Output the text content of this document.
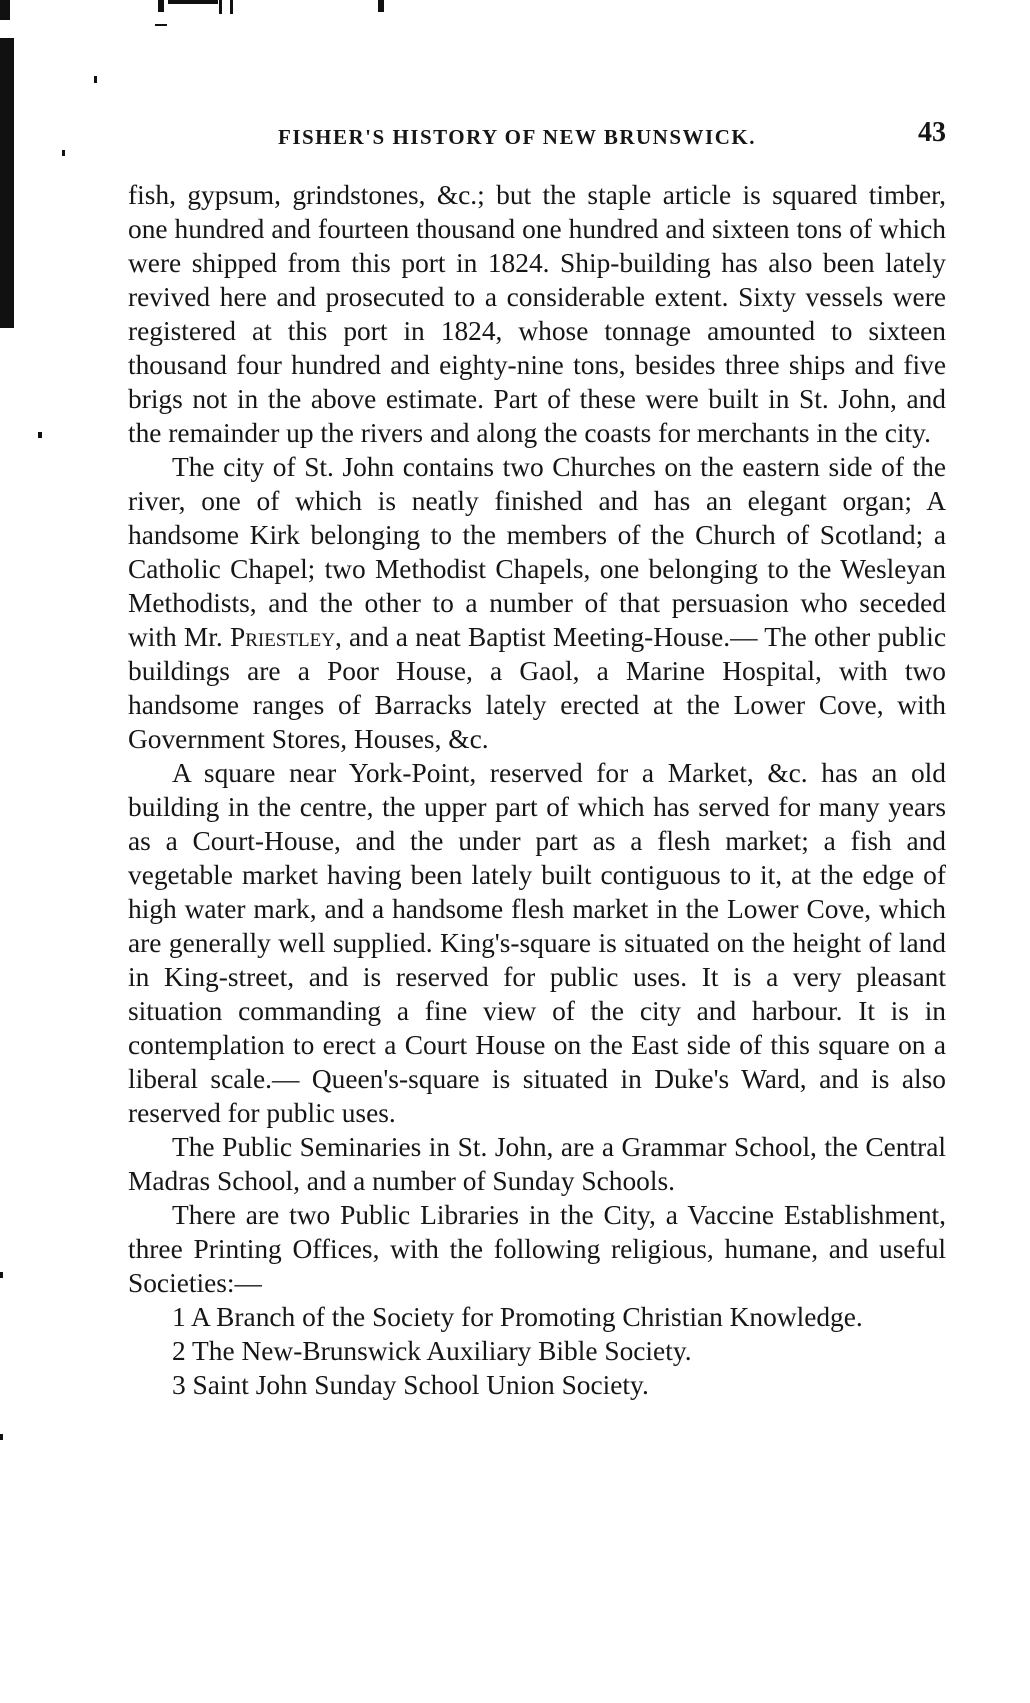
FISHER'S HISTORY OF NEW BRUNSWICK.	43

fish, gypsum, grindstones, &c.; but the staple article is squared timber, one hundred and fourteen thousand one hundred and sixteen tons of which were shipped from this port in 1824. Ship-building has also been lately revived here and prosecuted to a considerable extent. Sixty vessels were registered at this port in 1824, whose tonnage amounted to sixteen thousand four hundred and eighty-nine tons, besides three ships and five brigs not in the above estimate. Part of these were built in St. John, and the remainder up the rivers and along the coasts for merchants in the city.

The city of St. John contains two Churches on the eastern side of the river, one of which is neatly finished and has an elegant organ; A handsome Kirk belonging to the members of the Church of Scotland; a Catholic Chapel; two Methodist Chapels, one belonging to the Wesleyan Methodists, and the other to a number of that persuasion who seceded with Mr. Priestley, and a neat Baptist Meeting-House.— The other public buildings are a Poor House, a Gaol, a Marine Hospital, with two handsome ranges of Barracks lately erected at the Lower Cove, with Government Stores, Houses, &c.

A square near York-Point, reserved for a Market, &c. has an old building in the centre, the upper part of which has served for many years as a Court-House, and the under part as a flesh market; a fish and vegetable market having been lately built contiguous to it, at the edge of high water mark, and a handsome flesh market in the Lower Cove, which are generally well supplied. King's-square is situated on the height of land in King-street, and is reserved for public uses. It is a very pleasant situation commanding a fine view of the city and harbour. It is in contemplation to erect a Court House on the East side of this square on a liberal scale.— Queen's-square is situated in Duke's Ward, and is also reserved for public uses.

The Public Seminaries in St. John, are a Grammar School, the Central Madras School, and a number of Sunday Schools.

There are two Public Libraries in the City, a Vaccine Establishment, three Printing Offices, with the following religious, humane, and useful Societies:—

1 A Branch of the Society for Promoting Christian Knowledge.

2 The New-Brunswick Auxiliary Bible Society.

3 Saint John Sunday School Union Society.
